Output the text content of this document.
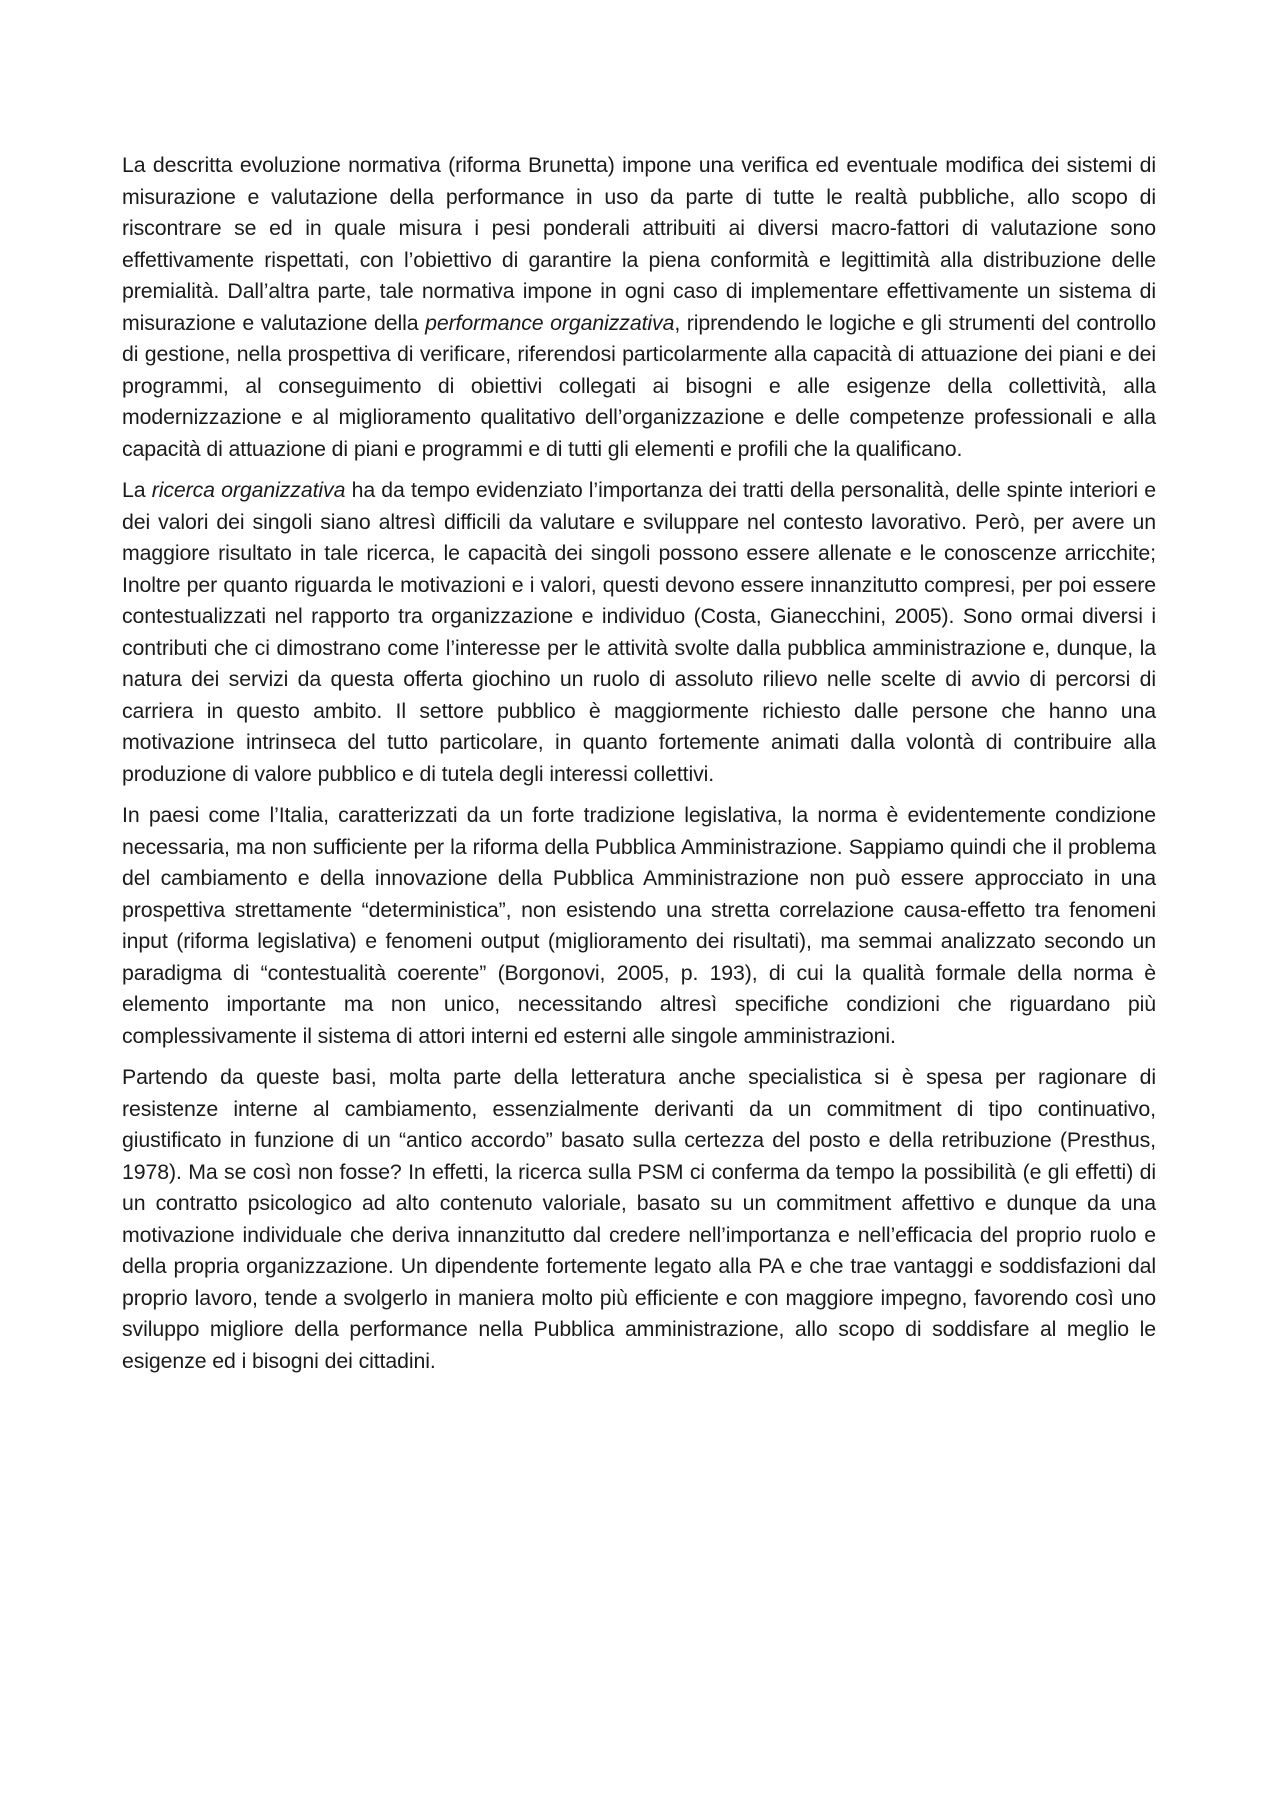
La descritta evoluzione normativa (riforma Brunetta) impone una verifica ed eventuale modifica dei sistemi di misurazione e valutazione della performance in uso da parte di tutte le realtà pubbliche, allo scopo di riscontrare se ed in quale misura i pesi ponderali attribuiti ai diversi macro-fattori di valutazione sono effettivamente rispettati, con l’obiettivo di garantire la piena conformità e legittimità alla distribuzione delle premialità. Dall’altra parte, tale normativa impone in ogni caso di implementare effettivamente un sistema di misurazione e valutazione della performance organizzativa, riprendendo le logiche e gli strumenti del controllo di gestione, nella prospettiva di verificare, riferendosi particolarmente alla capacità di attuazione dei piani e dei programmi, al conseguimento di obiettivi collegati ai bisogni e alle esigenze della collettività, alla modernizzazione e al miglioramento qualitativo dell’organizzazione e delle competenze professionali e alla capacità di attuazione di piani e programmi e di tutti gli elementi e profili che la qualificano.

La ricerca organizzativa ha da tempo evidenziato l’importanza dei tratti della personalità, delle spinte interiori e dei valori dei singoli siano altresì difficili da valutare e sviluppare nel contesto lavorativo. Però, per avere un maggiore risultato in tale ricerca, le capacità dei singoli possono essere allenate e le conoscenze arricchite; Inoltre per quanto riguarda le motivazioni e i valori, questi devono essere innanzitutto compresi, per poi essere contestualizzati nel rapporto tra organizzazione e individuo (Costa, Gianecchini, 2005). Sono ormai diversi i contributi che ci dimostrano come l’interesse per le attività svolte dalla pubblica amministrazione e, dunque, la natura dei servizi da questa offerta giochino un ruolo di assoluto rilievo nelle scelte di avvio di percorsi di carriera in questo ambito. Il settore pubblico è maggiormente richiesto dalle persone che hanno una motivazione intrinseca del tutto particolare, in quanto fortemente animati dalla volontà di contribuire alla produzione di valore pubblico e di tutela degli interessi collettivi.

In paesi come l’Italia, caratterizzati da un forte tradizione legislativa, la norma è evidentemente condizione necessaria, ma non sufficiente per la riforma della Pubblica Amministrazione. Sappiamo quindi che il problema del cambiamento e della innovazione della Pubblica Amministrazione non può essere approcciato in una prospettiva strettamente “deterministica”, non esistendo una stretta correlazione causa-effetto tra fenomeni input (riforma legislativa) e fenomeni output (miglioramento dei risultati), ma semmai analizzato secondo un paradigma di “contestualità coerente” (Borgonovi, 2005, p. 193), di cui la qualità formale della norma è elemento importante ma non unico, necessitando altresì specifiche condizioni che riguardano più complessivamente il sistema di attori interni ed esterni alle singole amministrazioni.

Partendo da queste basi, molta parte della letteratura anche specialistica si è spesa per ragionare di resistenze interne al cambiamento, essenzialmente derivanti da un commitment di tipo continuativo, giustificato in funzione di un “antico accordo” basato sulla certezza del posto e della retribuzione (Presthus, 1978). Ma se così non fosse? In effetti, la ricerca sulla PSM ci conferma da tempo la possibilità (e gli effetti) di un contratto psicologico ad alto contenuto valoriale, basato su un commitment affettivo e dunque da una motivazione individuale che deriva innanzitutto dal credere nell’importanza e nell’efficacia del proprio ruolo e della propria organizzazione. Un dipendente fortemente legato alla PA e che trae vantaggi e soddisfazioni dal proprio lavoro, tende a svolgerlo in maniera molto più efficiente e con maggiore impegno, favorendo così uno sviluppo migliore della performance nella Pubblica amministrazione, allo scopo di soddisfare al meglio le esigenze ed i bisogni dei cittadini.
